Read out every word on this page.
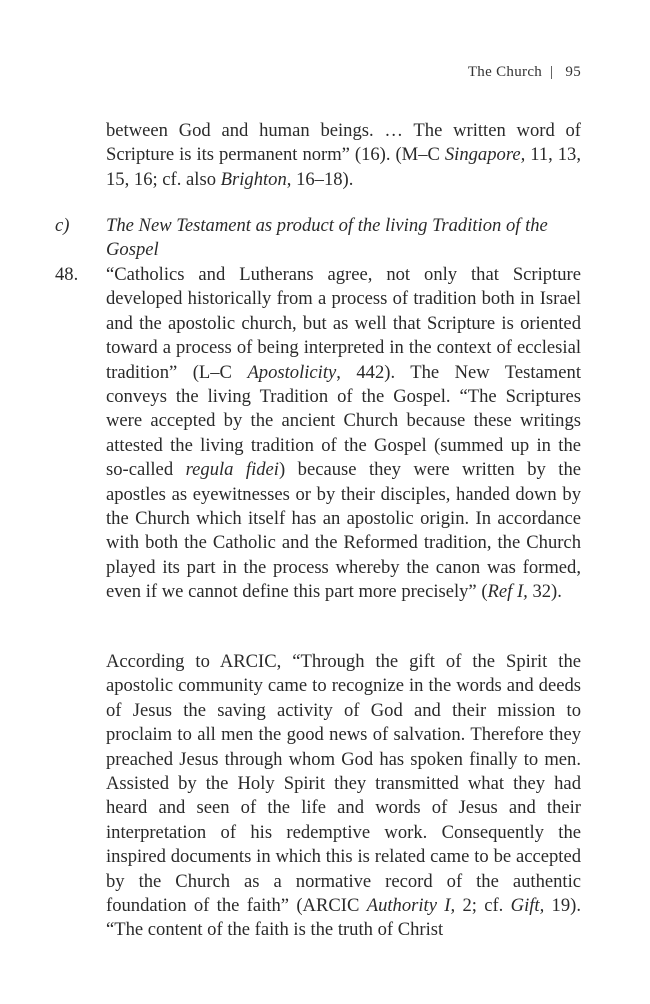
The Church | 95
between God and human beings. … The written word of Scripture is its permanent norm” (16). (M–C Singapore, 11, 13, 15, 16; cf. also Brighton, 16–18).
c) The New Testament as product of the living Tradition of the Gospel
48. “Catholics and Lutherans agree, not only that Scripture developed historically from a process of tradition both in Israel and the apostolic church, but as well that Scripture is oriented toward a process of being interpreted in the context of ecclesial tradition” (L–C Apostolicity, 442). The New Testament conveys the living Tradition of the Gospel. “The Scriptures were accepted by the ancient Church because these writings attested the living tradition of the Gospel (summed up in the so-called regula fidei) because they were written by the apostles as eyewitnesses or by their disciples, handed down by the Church which itself has an apostolic origin. In accordance with both the Catholic and the Reformed tradition, the Church played its part in the process whereby the canon was formed, even if we cannot define this part more precisely” (Ref I, 32).
According to ARCIC, “Through the gift of the Spirit the apostolic community came to recognize in the words and deeds of Jesus the saving activity of God and their mission to proclaim to all men the good news of salvation. Therefore they preached Jesus through whom God has spoken finally to men. Assisted by the Holy Spirit they transmitted what they had heard and seen of the life and words of Jesus and their interpretation of his redemptive work. Consequently the inspired documents in which this is related came to be accepted by the Church as a normative record of the authentic foundation of the faith” (ARCIC Authority I, 2; cf. Gift, 19). “The content of the faith is the truth of Christ
